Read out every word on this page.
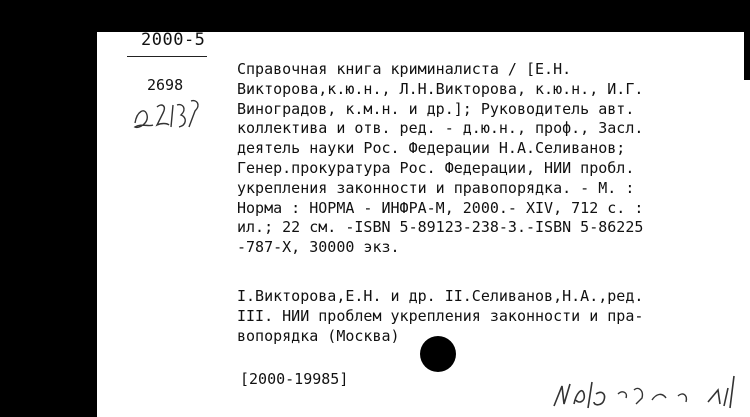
2000-5
2698
Справочная книга криминалиста / [Е.Н.
Викторова,к.ю.н., Л.Н.Викторова, к.ю.н., И.Г.
Виноградов, к.м.н. и др.]; Руководитель авт.
коллектива и отв. ред. - д.ю.н., проф., Засл.
деятель науки Рос. Федерации Н.А.Селиванов;
Генер.прокуратура Рос. Федерации, НИИ пробл.
укрепления законности и правопорядка. - М. :
Норма : НОРМА - ИНФРА-М, 2000.- XIV, 712 с. :
ил.; 22 см. -ISBN 5-89123-238-3.-ISBN 5-86225
-787-X, 30000 экз.
I.Викторова,Е.Н. и др. II.Селиванов,Н.А.,ред.
III. НИИ проблем укрепления законности и пра-
вопорядка (Москва)
[2000-19985]
